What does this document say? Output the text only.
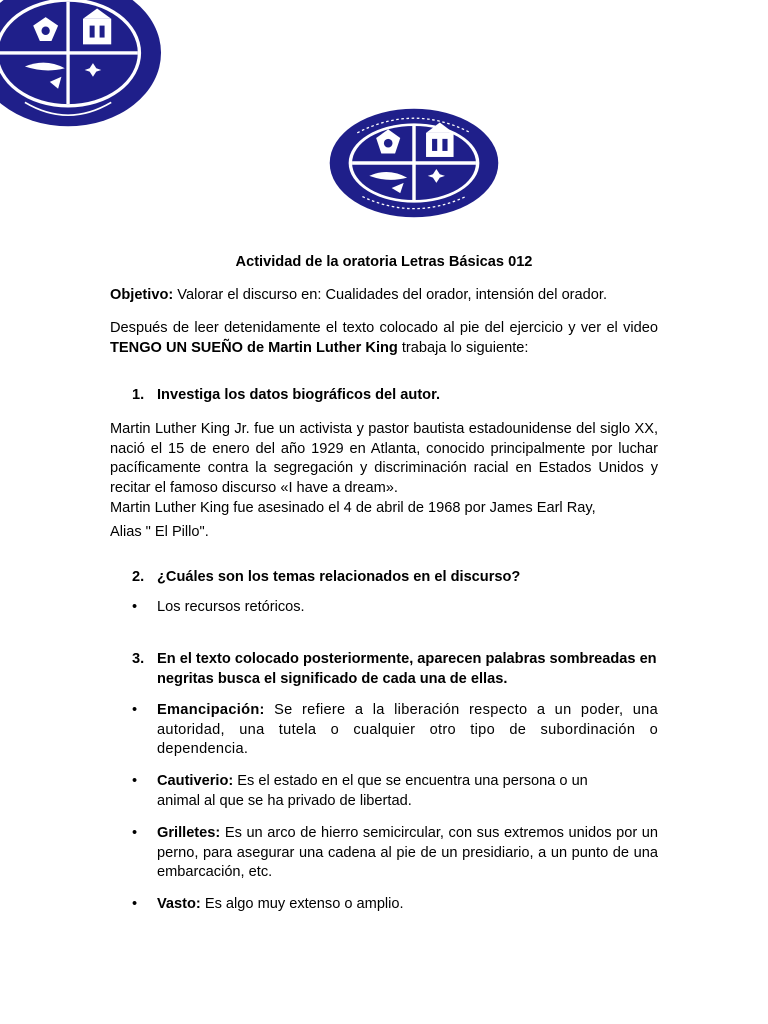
Actividad de la oratoria Letras Básicas 012
Objetivo: Valorar el discurso en: Cualidades del orador, intensión del orador.
Después de leer detenidamente el texto colocado al pie del ejercicio y ver el video TENGO UN SUEÑO de Martin Luther King trabaja lo siguiente:
1. Investiga los datos biográficos del autor.
Martin Luther King Jr. fue un activista y pastor bautista estadounidense del siglo XX, nació el 15 de enero del año 1929 en Atlanta, conocido principalmente por luchar pacíficamente contra la segregación y discriminación racial en Estados Unidos y recitar el famoso discurso «I have a dream».
Martin Luther King fue asesinado el 4 de abril de 1968 por James Earl Ray,
Alias " El Pillo".
2. ¿Cuáles son los temas relacionados en el discurso?
• Los recursos retóricos.
3. En el texto colocado posteriormente, aparecen palabras sombreadas en negritas busca el significado de cada una de ellas.
• Emancipación: Se refiere a la liberación respecto a un poder, una autoridad, una tutela o cualquier otro tipo de subordinación o dependencia.
• Cautiverio: Es el estado en el que se encuentra una persona o un animal al que se ha privado de libertad.
• Grilletes: Es un arco de hierro semicircular, con sus extremos unidos por un perno, para asegurar una cadena al pie de un presidiario, a un punto de una embarcación, etc.
• Vasto: Es algo muy extenso o amplio.
